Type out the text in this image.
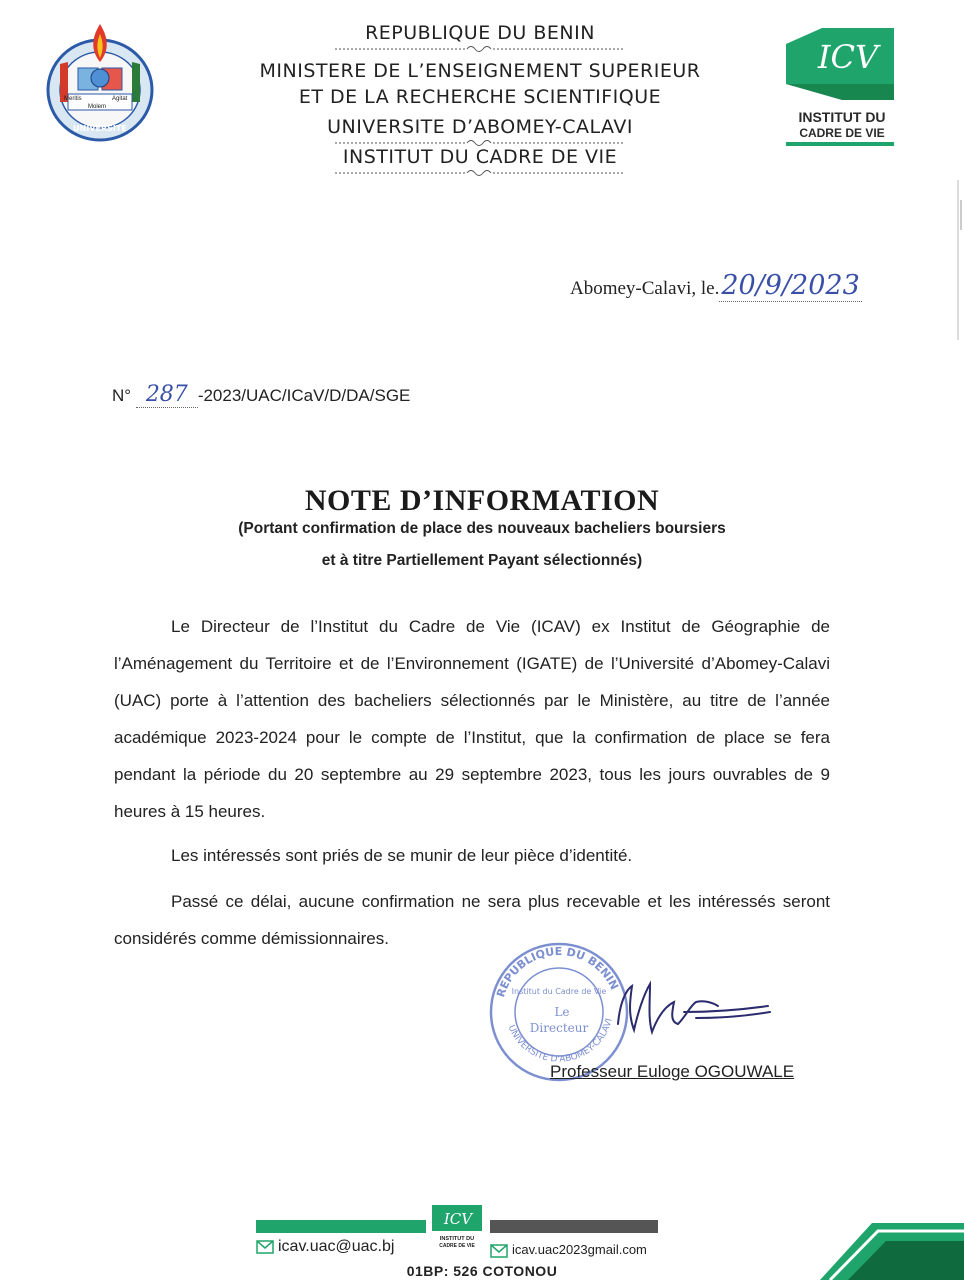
UNIVERSITE
Meritis	Agitat
Molem
REPUBLIQUE DU BENIN
MINISTERE DE L’ENSEIGNEMENT SUPERIEUR
ET DE LA RECHERCHE SCIENTIFIQUE
UNIVERSITE D’ABOMEY-CALAVI
INSTITUT DU CADRE DE VIE
ICV
INSTITUT DU
CADRE DE VIE
Abomey-Calavi, le.20/9/2023
N° 287 -2023/UAC/ICaV/D/DA/SGE
NOTE D’INFORMATION
(Portant confirmation de place des nouveaux bacheliers boursiers
et à titre Partiellement Payant sélectionnés)
Le Directeur de l’Institut du Cadre de Vie (ICAV) ex Institut de Géographie de l’Aménagement du Territoire et de l’Environnement (IGATE) de l’Université d’Abomey-Calavi (UAC) porte à l’attention des bacheliers sélectionnés par le Ministère, au titre de l’année académique 2023-2024 pour le compte de l’Institut, que la confirmation de place se fera pendant la période du 20 septembre au 29 septembre 2023, tous les jours ouvrables de 9 heures à 15 heures.
Les intéressés sont priés de se munir de leur pièce d’identité.
Passé ce délai, aucune confirmation ne sera plus recevable et les intéressés seront considérés comme démissionnaires.
REPUBLIQUE DU BENIN
UNIVERSITE D'ABOMEY-CALAVI
Institut du Cadre de Vie
Le
Directeur
Professeur Euloge OGOUWALE
ICV
INSTITUT DU
CADRE DE VIE
icav.uac@uac.bj	icav.uac2023gmail.com
01BP: 526 COTONOU
